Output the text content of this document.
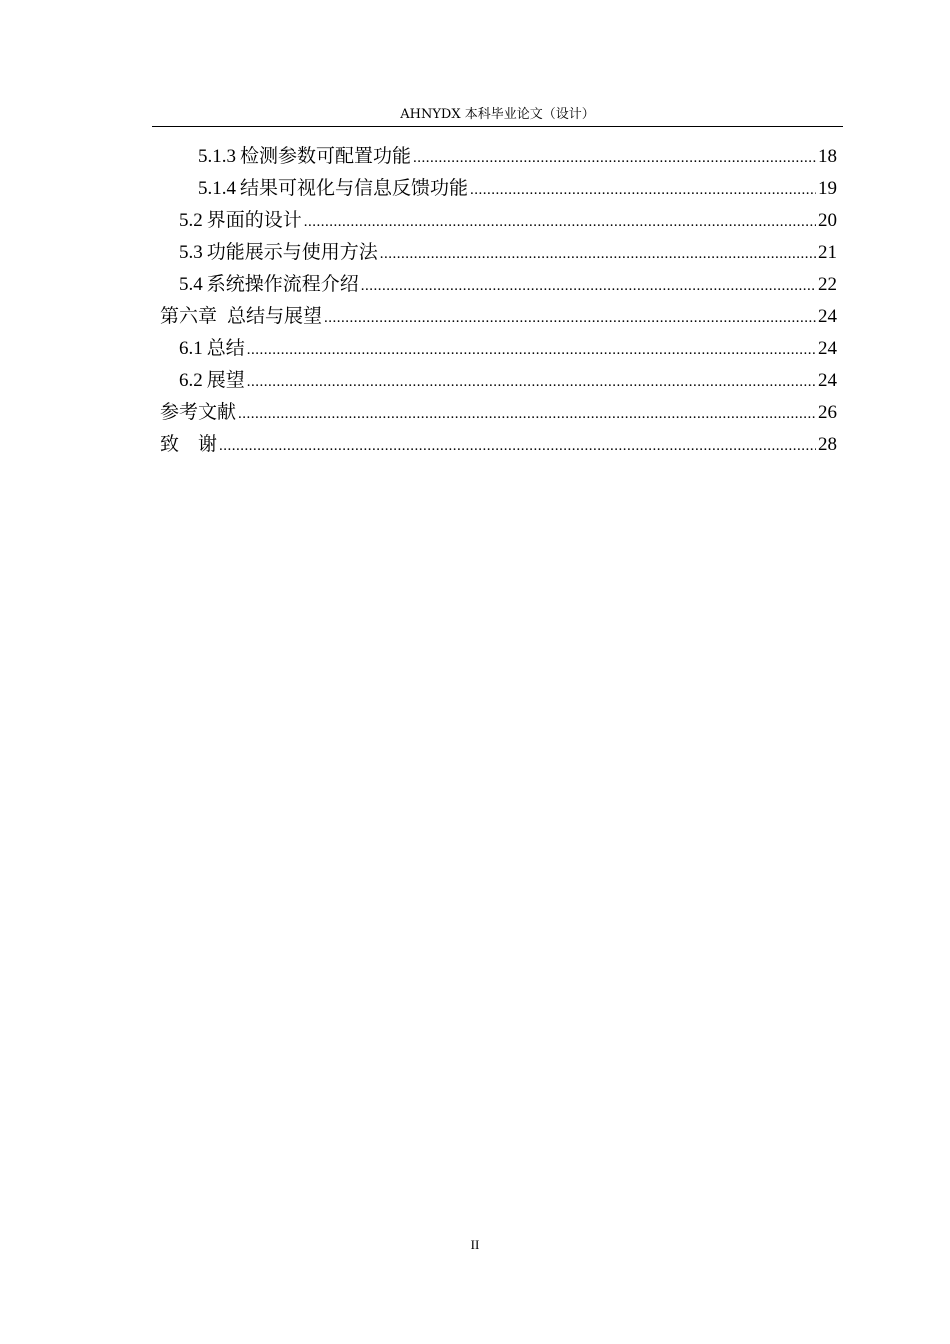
AHNYDX 本科毕业论文（设计）
5.1.3 检测参数可配置功能 .....	18
5.1.4 结果可视化与信息反馈功能 .....	19
5.2 界面的设计 .....	20
5.3 功能展示与使用方法 .....	21
5.4 系统操作流程介绍 .....	22
第六章 总结与展望 .....	24
6.1 总结 .....	24
6.2 展望 .....	24
参考文献 .....	26
致　谢 .....	28
II
